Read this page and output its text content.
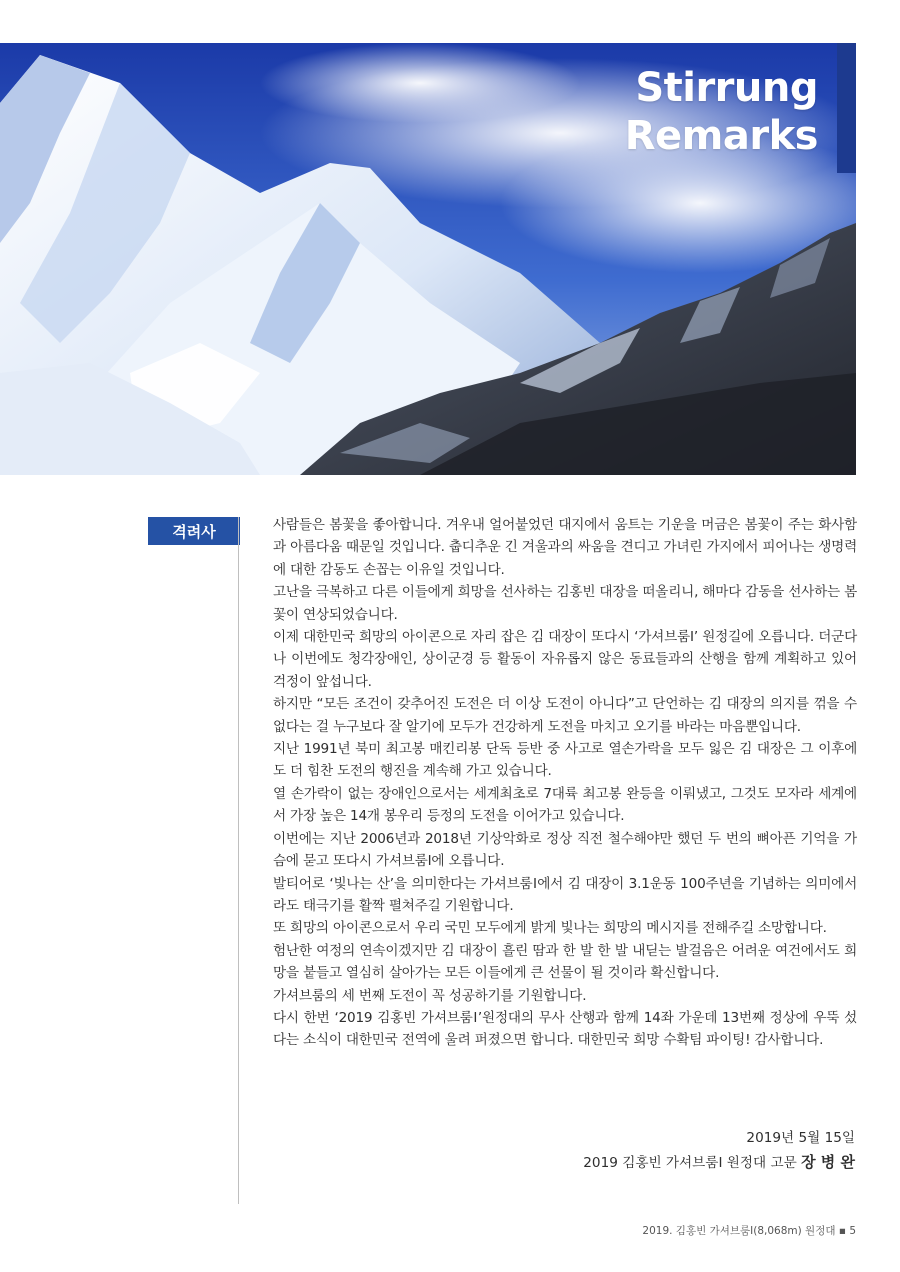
Stirrung
Remarks
격려사	사람들은 봄꽃을 좋아합니다. 겨우내 얼어붙었던 대지에서 움트는 기운을 머금은 봄꽃이 주는 화사함과 아름다움 때문일 것입니다. 춥디추운 긴 겨울과의 싸움을 견디고 가녀린 가지에서 피어나는 생명력에 대한 감동도 손꼽는 이유일 것입니다.

고난을 극복하고 다른 이들에게 희망을 선사하는 김홍빈 대장을 떠올리니, 해마다 감동을 선사하는 봄꽃이 연상되었습니다.

이제 대한민국 희망의 아이콘으로 자리 잡은 김 대장이 또다시 ‘가셔브룸Ⅰ’ 원정길에 오릅니다. 더군다나 이번에도 청각장애인, 상이군경 등 활동이 자유롭지 않은 동료들과의 산행을 함께 계획하고 있어 걱정이 앞섭니다.

하지만 “모든 조건이 갖추어진 도전은 더 이상 도전이 아니다”고 단언하는 김 대장의 의지를 꺾을 수 없다는 걸 누구보다 잘 알기에 모두가 건강하게 도전을 마치고 오기를 바라는 마음뿐입니다.

지난 1991년 북미 최고봉 매킨리봉 단독 등반 중 사고로 열손가락을 모두 잃은 김 대장은 그 이후에도 더 힘찬 도전의 행진을 계속해 가고 있습니다.

열 손가락이 없는 장애인으로서는 세계최초로 7대륙 최고봉 완등을 이뤄냈고, 그것도 모자라 세계에서 가장 높은 14개 봉우리 등정의 도전을 이어가고 있습니다.

이번에는 지난 2006년과 2018년 기상악화로 정상 직전 철수해야만 했던 두 번의 뼈아픈 기억을 가슴에 묻고 또다시 가셔브룸Ⅰ에 오릅니다.

발티어로 ‘빛나는 산’을 의미한다는 가셔브룸Ⅰ에서 김 대장이 3.1운동 100주년을 기념하는 의미에서라도 태극기를 활짝 펼쳐주길 기원합니다.

또 희망의 아이콘으로서 우리 국민 모두에게 밝게 빛나는 희망의 메시지를 전해주길 소망합니다.

험난한 여정의 연속이겠지만 김 대장이 흘린 땀과 한 발 한 발 내딛는 발걸음은 어려운 여건에서도 희망을 붙들고 열심히 살아가는 모든 이들에게 큰 선물이 될 것이라 확신합니다.

가셔브룸의 세 번째 도전이 꼭 성공하기를 기원합니다.

다시 한번 ‘2019 김홍빈 가셔브룸Ⅰ’원정대의 무사 산행과 함께 14좌 가운데 13번째 정상에 우뚝 섰다는 소식이 대한민국 전역에 울려 퍼졌으면 합니다. 대한민국 희망 수확팀 파이팅! 감사합니다.

2019년 5월 15일
2019 김홍빈 가셔브룸Ⅰ 원정대 고문 장 병 완
2019. 김홍빈 가셔브룸Ⅰ(8,068m) 원정대 ▪ 5
